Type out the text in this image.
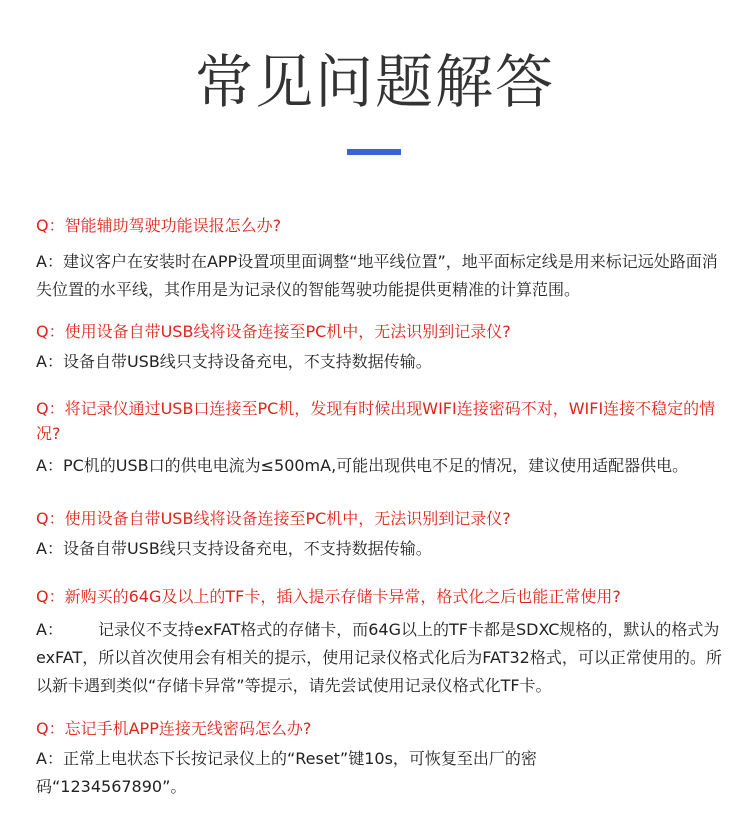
常见问题解答

Q：智能辅助驾驶功能误报怎么办?

A：建议客户在安装时在APP设置项里面调整“地平线位置”，地平面标定线是用来标记远处路面消失位置的水平线，其作用是为记录仪的智能驾驶功能提供更精准的计算范围。

Q：使用设备自带USB线将设备连接至PC机中，无法识别到记录仪?

A：设备自带USB线只支持设备充电，不支持数据传输。

Q：将记录仪通过USB口连接至PC机，发现有时候出现WIFI连接密码不对，WIFI连接不稳定的情况?

A：PC机的USB口的供电电流为≤500mA,可能出现供电不足的情况，建议使用适配器供电。

Q：使用设备自带USB线将设备连接至PC机中，无法识别到记录仪?

A：设备自带USB线只支持设备充电，不支持数据传输。

Q：新购买的64G及以上的TF卡，插入提示存储卡异常，格式化之后也能正常使用?

A： 记录仪不支持exFAT格式的存储卡，而64G以上的TF卡都是SDXC规格的，默认的格式为exFAT，所以首次使用会有相关的提示，使用记录仪格式化后为FAT32格式，可以正常使用的。所以新卡遇到类似“存储卡异常”等提示，请先尝试使用记录仪格式化TF卡。

Q：忘记手机APP连接无线密码怎么办?

A：正常上电状态下长按记录仪上的“Reset”键10s，可恢复至出厂的密码“1234567890”。
